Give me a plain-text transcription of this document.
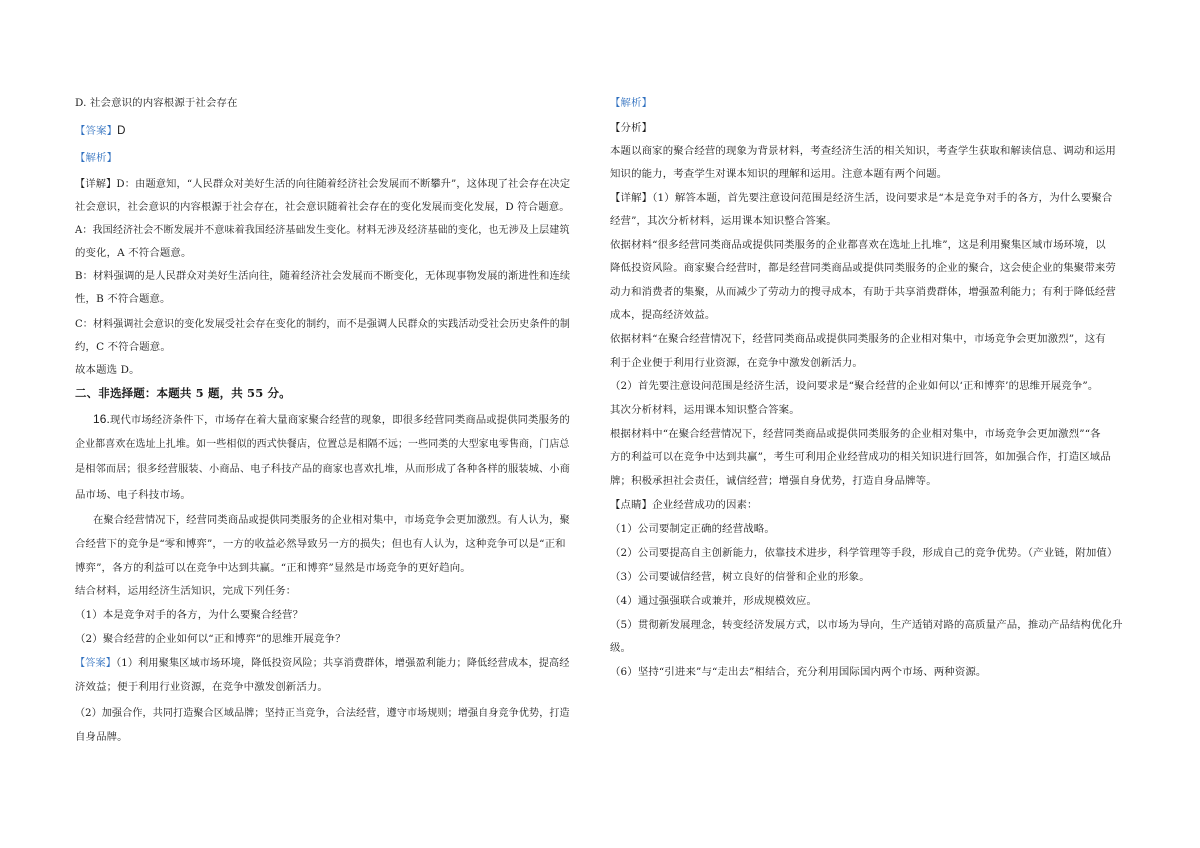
D. 社会意识的内容根源于社会存在
【答案】D
【解析】
【详解】D：由题意知，“人民群众对美好生活的向往随着经济社会发展而不断攀升”，这体现了社会存在决定
社会意识，社会意识的内容根源于社会存在，社会意识随着社会存在的变化发展而变化发展，D 符合题意。
A：我国经济社会不断发展并不意味着我国经济基础发生变化。材料无涉及经济基础的变化，也无涉及上层建筑
的变化，A 不符合题意。
B：材料强调的是人民群众对美好生活向往，随着经济社会发展而不断变化，无体现事物发展的渐进性和连续
性，B 不符合题意。
C：材料强调社会意识的变化发展受社会存在变化的制约，而不是强调人民群众的实践活动受社会历史条件的制
约，C 不符合题意。
故本题选 D。
二、非选择题：本题共 5 题，共 55 分。
16.现代市场经济条件下，市场存在着大量商家聚合经营的现象，即很多经营同类商品或提供同类服务的
企业都喜欢在选址上扎堆。如一些相似的西式快餐店，位置总是相隔不远；一些同类的大型家电零售商，门店总
是相邻而居；很多经营服装、小商品、电子科技产品的商家也喜欢扎堆，从而形成了各种各样的服装城、小商
品市场、电子科技市场。
在聚合经营情况下，经营同类商品或提供同类服务的企业相对集中，市场竞争会更加激烈。有人认为，聚
合经营下的竞争是“零和博弈”，一方的收益必然导致另一方的损失；但也有人认为，这种竞争可以是“正和
博弈”，各方的利益可以在竞争中达到共赢。“正和博弈”显然是市场竞争的更好趋向。
结合材料，运用经济生活知识，完成下列任务：
（1）本是竞争对手的各方，为什么要聚合经营？
（2）聚合经营的企业如何以“正和博弈”的思维开展竞争？
【答案】（1）利用聚集区域市场环境，降低投资风险；共享消费群体，增强盈利能力；降低经营成本，提高经
济效益；便于利用行业资源，在竞争中激发创新活力。
（2）加强合作，共同打造聚合区域品牌；坚持正当竞争，合法经营，遵守市场规则；增强自身竞争优势，打造
自身品牌。
【解析】
【分析】
本题以商家的聚合经营的现象为背景材料，考查经济生活的相关知识，考查学生获取和解读信息、调动和运用
知识的能力，考查学生对课本知识的理解和运用。注意本题有两个问题。
【详解】（1）解答本题，首先要注意设问范围是经济生活，设问要求是“本是竞争对手的各方，为什么要聚合
经营”，其次分析材料，运用课本知识整合答案。
依据材料“很多经营同类商品或提供同类服务的企业都喜欢在选址上扎堆”，这是利用聚集区域市场环境，以
降低投资风险。商家聚合经营时，都是经营同类商品或提供同类服务的企业的聚合，这会使企业的集聚带来劳
动力和消费者的集聚，从而减少了劳动力的搜寻成本，有助于共享消费群体，增强盈利能力；有利于降低经营
成本，提高经济效益。
依据材料“在聚合经营情况下，经营同类商品或提供同类服务的企业相对集中，市场竞争会更加激烈”，这有
利于企业便于利用行业资源，在竞争中激发创新活力。
（2）首先要注意设问范围是经济生活，设问要求是“聚合经营的企业如何以‘正和博弈’的思维开展竞争”。
其次分析材料，运用课本知识整合答案。
根据材料中“在聚合经营情况下，经营同类商品或提供同类服务的企业相对集中，市场竞争会更加激烈”“各
方的利益可以在竞争中达到共赢”，考生可利用企业经营成功的相关知识进行回答，如加强合作，打造区域品
牌；积极承担社会责任，诚信经营；增强自身优势，打造自身品牌等。
【点睛】企业经营成功的因素：
（1）公司要制定正确的经营战略。
（2）公司要提高自主创新能力，依靠技术进步，科学管理等手段，形成自己的竞争优势。（产业链，附加值）
（3）公司要诚信经营，树立良好的信誉和企业的形象。
（4）通过强强联合或兼并，形成规模效应。
（5）贯彻新发展理念，转变经济发展方式，以市场为导向，生产适销对路的高质量产品，推动产品结构优化升
级。
（6）坚持“引进来”与“走出去”相结合，充分利用国际国内两个市场、两种资源。
